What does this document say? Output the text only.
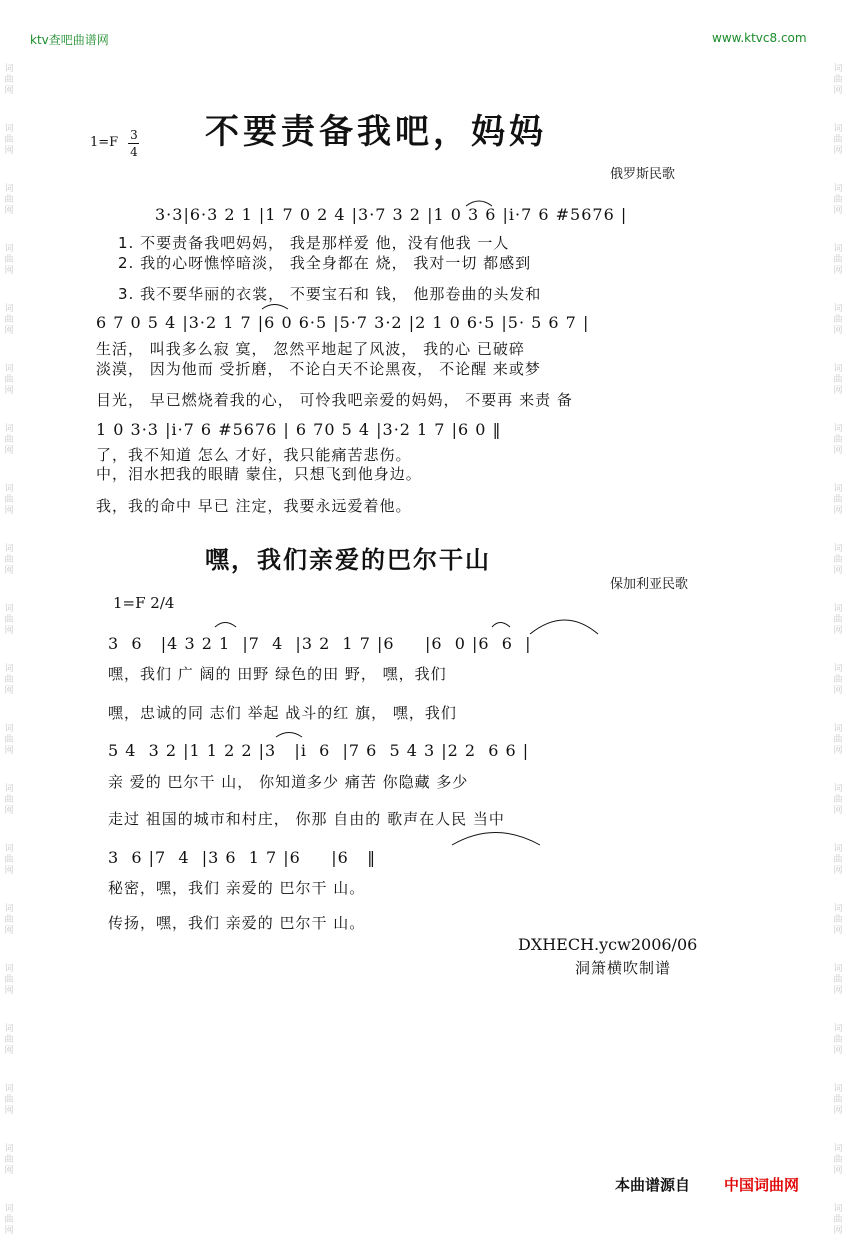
词曲网
词曲网
词曲网
词曲网
词曲网
词曲网
词曲网
词曲网
词曲网
词曲网
词曲网
词曲网
词曲网
词曲网
词曲网
词曲网
词曲网
词曲网
词曲网
词曲网
词曲网
词曲网
词曲网
词曲网
词曲网
词曲网
词曲网
词曲网
词曲网
词曲网
词曲网
词曲网
词曲网
词曲网
词曲网
词曲网
词曲网
词曲网
词曲网
词曲网
ktv查吧曲谱网	www.ktvc8.com
1=F 3
4 不要责备我吧，妈妈
俄罗斯民歌
3·3|6·3 2 1 |1 7 0 2 4 |3·7 3 2 |1 0 3 6 |i·7 6 #5676 |
1. 不要责备我吧妈妈， 我是那样爱 他，没有他我 一人
2. 我的心呀憔悴暗淡， 我全身都在 烧， 我对一切 都感到
3. 我不要华丽的衣裳， 不要宝石和 钱， 他那卷曲的头发和
6 7 0 5 4 |3·2 1 7 |6 0 6·5 |5·7 3·2 |2 1 0 6·5 |5· 5 6 7 |
生活， 叫我多么寂 寞， 忽然平地起了风波， 我的心 已破碎
淡漠， 因为他而 受折磨， 不论白天不论黑夜， 不论醒 来或梦
目光， 早已燃烧着我的心， 可怜我吧亲爱的妈妈， 不要再 来责 备
1 0 3·3 |i·7 6 #5676 | 6 70 5 4 |3·2 1 7 |6 0 ‖
了，我不知道 怎么 才好，我只能痛苦悲伤。
中，泪水把我的眼睛 蒙住，只想飞到他身边。
我，我的命中 早已 注定，我要永远爱着他。
嘿，我们亲爱的巴尔干山
保加利亚民歌
1=F 2/4
3  6   |4 3 2 1  |7  4  |3 2  1 7 |6     |6  0 |6  6  |
嘿，我们 广 阔的 田野 绿色的田 野， 嘿，我们
嘿，忠诚的同 志们 举起 战斗的红 旗， 嘿，我们
5 4  3 2 |1 1 2 2 |3   |i  6  |7 6  5 4 3 |2 2  6 6 |
亲 爱的 巴尔干 山， 你知道多少 痛苦 你隐藏 多少
走过 祖国的城市和村庄， 你那 自由的 歌声在人民 当中
3  6 |7  4  |3 6  1 7 |6     |6   ‖
秘密，嘿，我们 亲爱的 巴尔干 山。
传扬，嘿，我们 亲爱的 巴尔干 山。
DXHECH.ycw2006/06
洞箫横吹制谱
本曲谱源自 中国词曲网
